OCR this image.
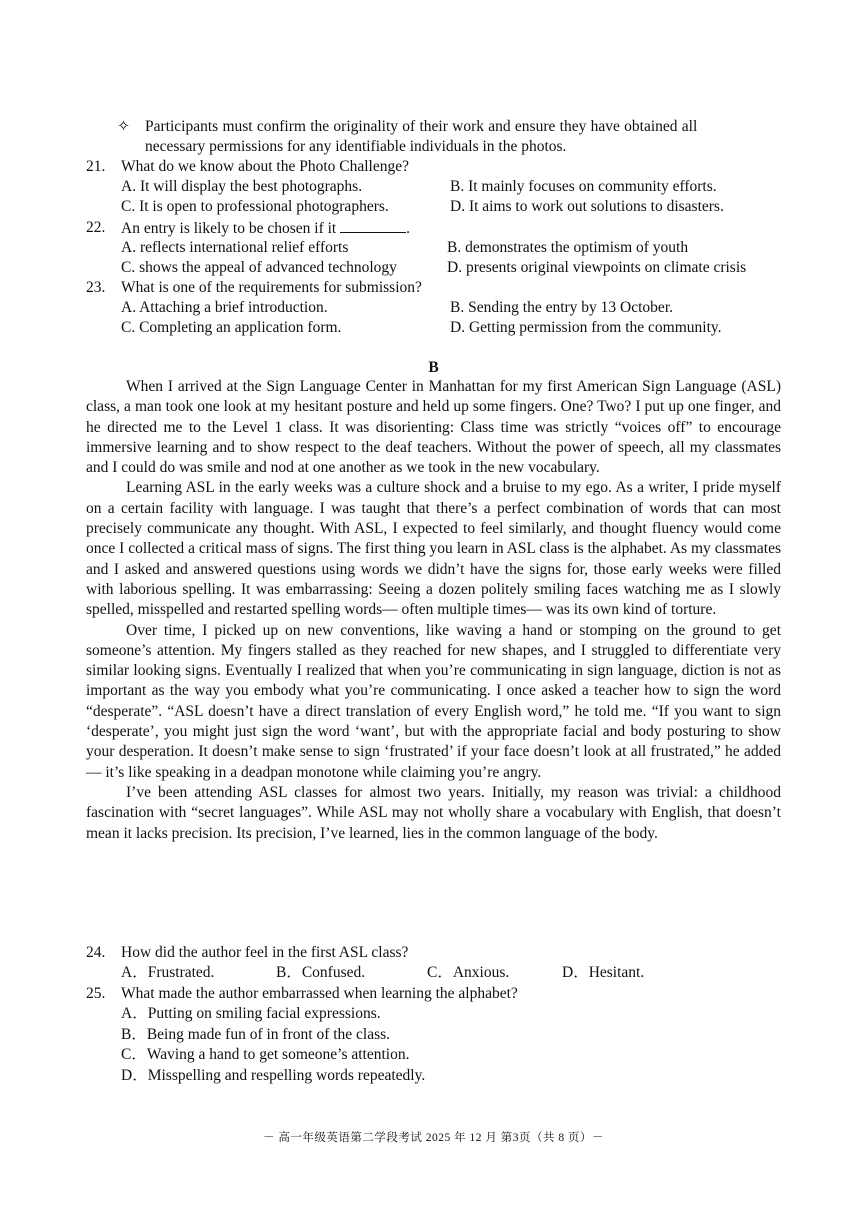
✧ Participants must confirm the originality of their work and ensure they have obtained all
necessary permissions for any identifiable individuals in the photos.
21. What do we know about the Photo Challenge?
A. It will display the best photographs.	B. It mainly focuses on community efforts.
C. It is open to professional photographers.	D. It aims to work out solutions to disasters.
22. An entry is likely to be chosen if it	.
A. reflects international relief efforts	B. demonstrates the optimism of youth
C. shows the appeal of advanced technology	D. presents original viewpoints on climate crisis
23. What is one of the requirements for submission?
A. Attaching a brief introduction.	B. Sending the entry by 13 October.
C. Completing an application form.	D. Getting permission from the community.
B

When I arrived at the Sign Language Center in Manhattan for my first American Sign Language (ASL) class, a man took one look at my hesitant posture and held up some fingers. One? Two? I put up one finger, and he directed me to the Level 1 class. It was disorienting: Class time was strictly “voices off” to encourage immersive learning and to show respect to the deaf teachers. Without the power of speech, all my classmates and I could do was smile and nod at one another as we took in the new vocabulary.

Learning ASL in the early weeks was a culture shock and a bruise to my ego. As a writer, I pride myself on a certain facility with language. I was taught that there’s a perfect combination of words that can most precisely communicate any thought. With ASL, I expected to feel similarly, and thought fluency would come once I collected a critical mass of signs. The first thing you learn in ASL class is the alphabet. As my classmates and I asked and answered questions using words we didn’t have the signs for, those early weeks were filled with laborious spelling. It was embarrassing: Seeing a dozen politely smiling faces watching me as I slowly spelled, misspelled and restarted spelling words— often multiple times— was its own kind of torture.

Over time, I picked up on new conventions, like waving a hand or stomping on the ground to get someone’s attention. My fingers stalled as they reached for new shapes, and I struggled to differentiate very similar looking signs. Eventually I realized that when you’re communicating in sign language, diction is not as important as the way you embody what you’re communicating. I once asked a teacher how to sign the word “desperate”. “ASL doesn’t have a direct translation of every English word,” he told me. “If you want to sign ‘desperate’, you might just sign the word ‘want’, but with the appropriate facial and body posturing to show your desperation. It doesn’t make sense to sign ‘frustrated’ if your face doesn’t look at all frustrated,” he added — it’s like speaking in a deadpan monotone while claiming you’re angry.

I’ve been attending ASL classes for almost two years. Initially, my reason was trivial: a childhood fascination with “secret languages”. While ASL may not wholly share a vocabulary with English, that doesn’t mean it lacks precision. Its precision, I’ve learned, lies in the common language of the body.

24. How did the author feel in the first ASL class?
A．Frustrated.	B．Confused.	C．Anxious.	D．Hesitant.
25. What made the author embarrassed when learning the alphabet?
A．Putting on smiling facial expressions.
B．Being made fun of in front of the class.
C．Waving a hand to get someone’s attention.
D．Misspelling and respelling words repeatedly.
－ 高一年级英语第二学段考试 2025 年 12 月 第3页（共 8 页）－
